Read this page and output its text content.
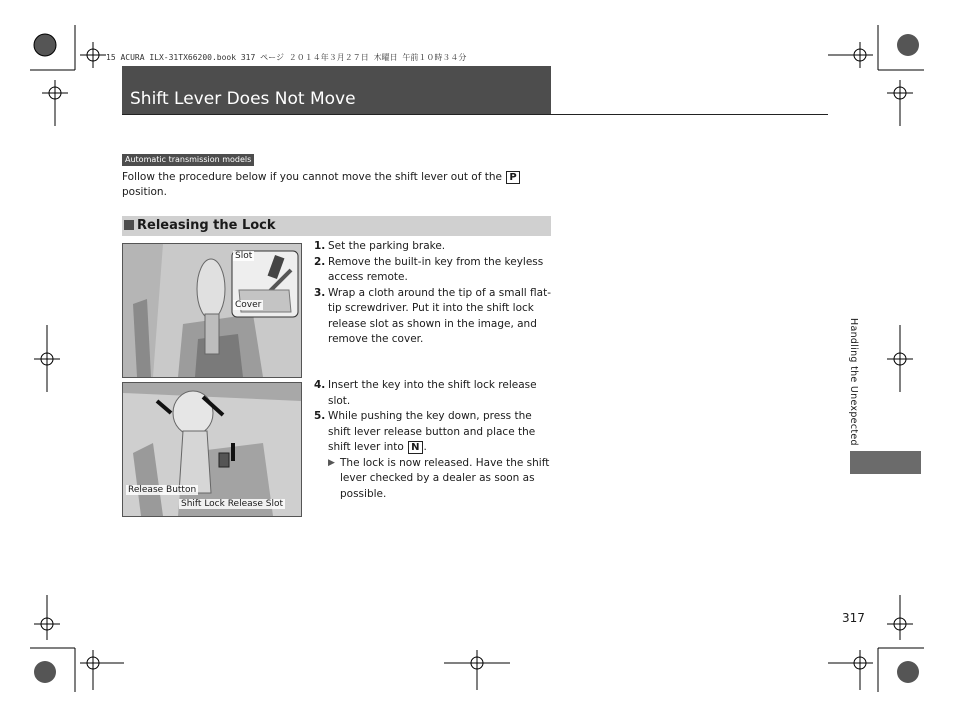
15 ACURA ILX-31TX66200.book 317 ページ ２０１４年３月２７日 木曜日 午前１０時３４分
Shift Lever Does Not Move
Automatic transmission models
Follow the procedure below if you cannot move the shift lever out of the P position.
Releasing the Lock
Slot
Cover
1. Set the parking brake.
2. Remove the built-in key from the keyless access remote.
3. Wrap a cloth around the tip of a small flat-tip screwdriver. Put it into the shift lock release slot as shown in the image, and remove the cover.
Release Button
Shift Lock Release Slot
4. Insert the key into the shift lock release slot.
5. While pushing the key down, press the shift lever release button and place the shift lever into N .
▶ The lock is now released. Have the shift lever checked by a dealer as soon as possible.
Handling the Unexpected
317
